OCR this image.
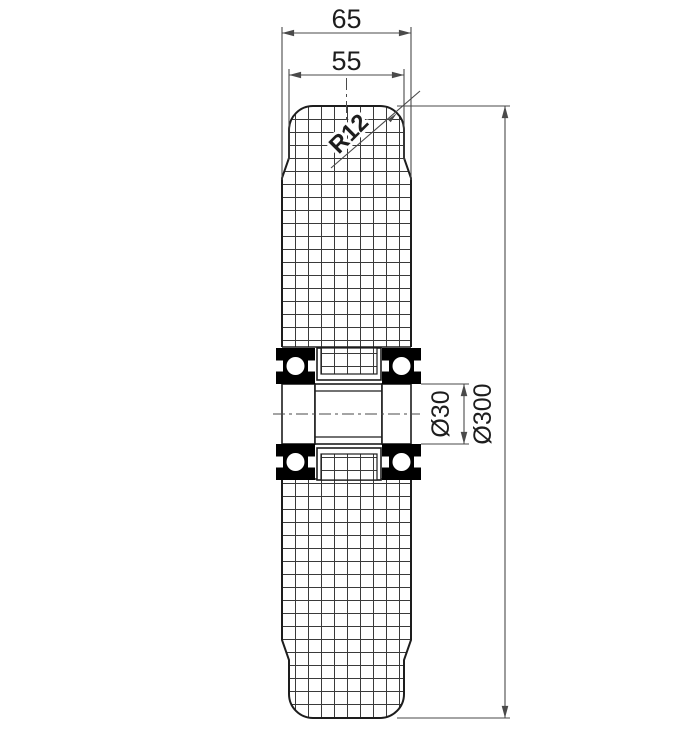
65
55
R12
Ø30 Ø300
